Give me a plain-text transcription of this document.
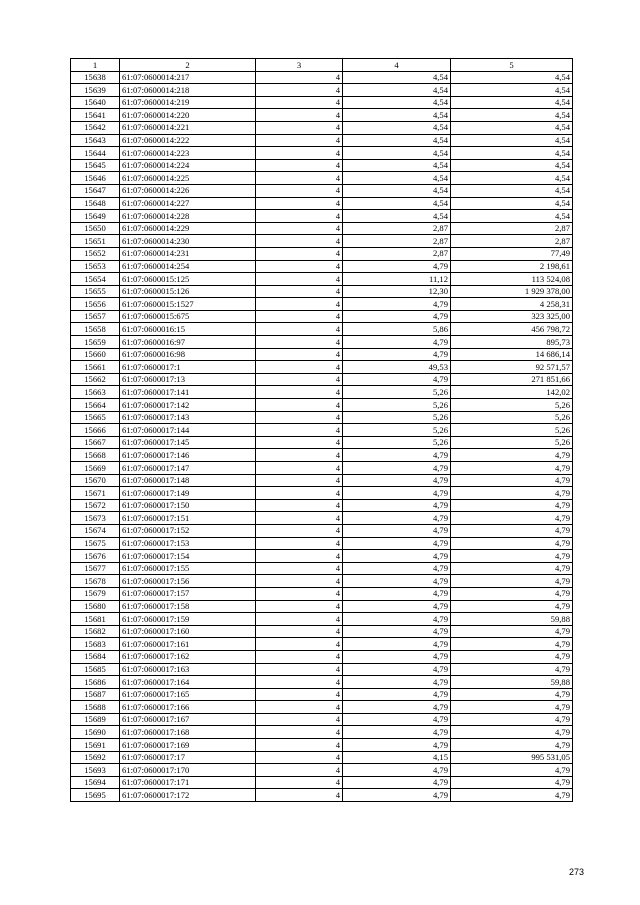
1	2	3	4	5
15638	61:07:0600014:217	4	4,54	4,54
15639	61:07:0600014:218	4	4,54	4,54
15640	61:07:0600014:219	4	4,54	4,54
15641	61:07:0600014:220	4	4,54	4,54
15642	61:07:0600014:221	4	4,54	4,54
15643	61:07:0600014:222	4	4,54	4,54
15644	61:07:0600014:223	4	4,54	4,54
15645	61:07:0600014:224	4	4,54	4,54
15646	61:07:0600014:225	4	4,54	4,54
15647	61:07:0600014:226	4	4,54	4,54
15648	61:07:0600014:227	4	4,54	4,54
15649	61:07:0600014:228	4	4,54	4,54
15650	61:07:0600014:229	4	2,87	2,87
15651	61:07:0600014:230	4	2,87	2,87
15652	61:07:0600014:231	4	2,87	77,49
15653	61:07:0600014:254	4	4,79	2 198,61
15654	61:07:0600015:125	4	11,12	113 524,08
15655	61:07:0600015:126	4	12,30	1 929 378,00
15656	61:07:0600015:1527	4	4,79	4 258,31
15657	61:07:0600015:675	4	4,79	323 325,00
15658	61:07:0600016:15	4	5,86	456 798,72
15659	61:07:0600016:97	4	4,79	895,73
15660	61:07:0600016:98	4	4,79	14 686,14
15661	61:07:0600017:1	4	49,53	92 571,57
15662	61:07:0600017:13	4	4,79	271 851,66
15663	61:07:0600017:141	4	5,26	142,02
15664	61:07:0600017:142	4	5,26	5,26
15665	61:07:0600017:143	4	5,26	5,26
15666	61:07:0600017:144	4	5,26	5,26
15667	61:07:0600017:145	4	5,26	5,26
15668	61:07:0600017:146	4	4,79	4,79
15669	61:07:0600017:147	4	4,79	4,79
15670	61:07:0600017:148	4	4,79	4,79
15671	61:07:0600017:149	4	4,79	4,79
15672	61:07:0600017:150	4	4,79	4,79
15673	61:07:0600017:151	4	4,79	4,79
15674	61:07:0600017:152	4	4,79	4,79
15675	61:07:0600017:153	4	4,79	4,79
15676	61:07:0600017:154	4	4,79	4,79
15677	61:07:0600017:155	4	4,79	4,79
15678	61:07:0600017:156	4	4,79	4,79
15679	61:07:0600017:157	4	4,79	4,79
15680	61:07:0600017:158	4	4,79	4,79
15681	61:07:0600017:159	4	4,79	59,88
15682	61:07:0600017:160	4	4,79	4,79
15683	61:07:0600017:161	4	4,79	4,79
15684	61:07:0600017:162	4	4,79	4,79
15685	61:07:0600017:163	4	4,79	4,79
15686	61:07:0600017:164	4	4,79	59,88
15687	61:07:0600017:165	4	4,79	4,79
15688	61:07:0600017:166	4	4,79	4,79
15689	61:07:0600017:167	4	4,79	4,79
15690	61:07:0600017:168	4	4,79	4,79
15691	61:07:0600017:169	4	4,79	4,79
15692	61:07:0600017:17	4	4,15	995 531,05
15693	61:07:0600017:170	4	4,79	4,79
15694	61:07:0600017:171	4	4,79	4,79
15695	61:07:0600017:172	4	4,79	4,79
273
